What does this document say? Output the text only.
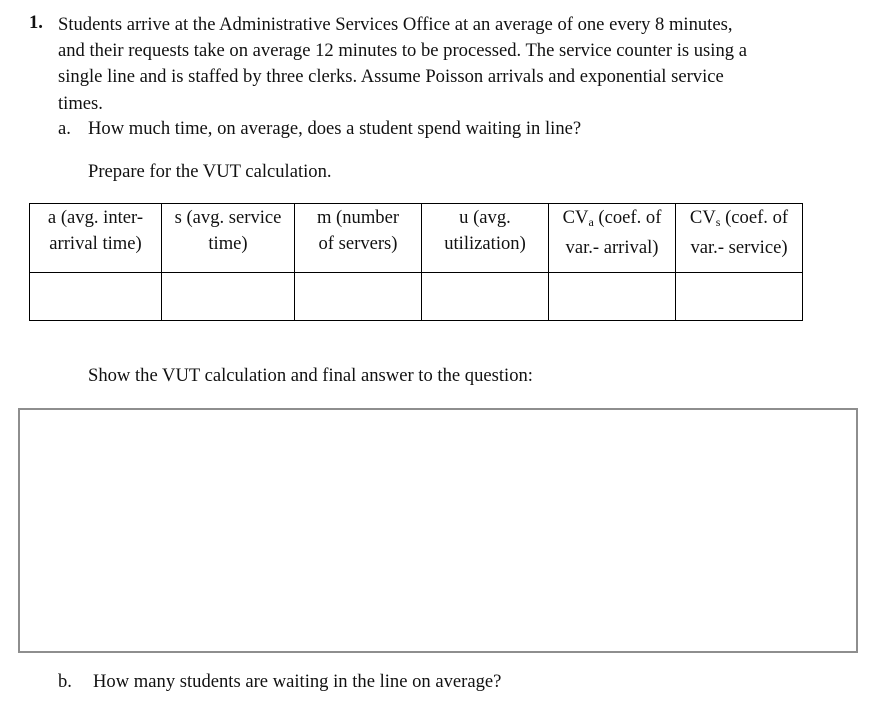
1. Students arrive at the Administrative Services Office at an average of one every 8 minutes,
and their requests take on average 12 minutes to be processed. The service counter is using a
single line and is staffed by three clerks. Assume Poisson arrivals and exponential service
times.
a. How much time, on average, does a student spend waiting in line?
Prepare for the VUT calculation.
a (avg. inter-
arrival time)	s (avg. service
time)	m (number
of servers)	u (avg.
utilization)	$CV_a$ (coef. of
var.- arrival)	$CV_s$ (coef. of
var.- service)

Show the VUT calculation and final answer to the question:
b. How many students are waiting in the line on average?
